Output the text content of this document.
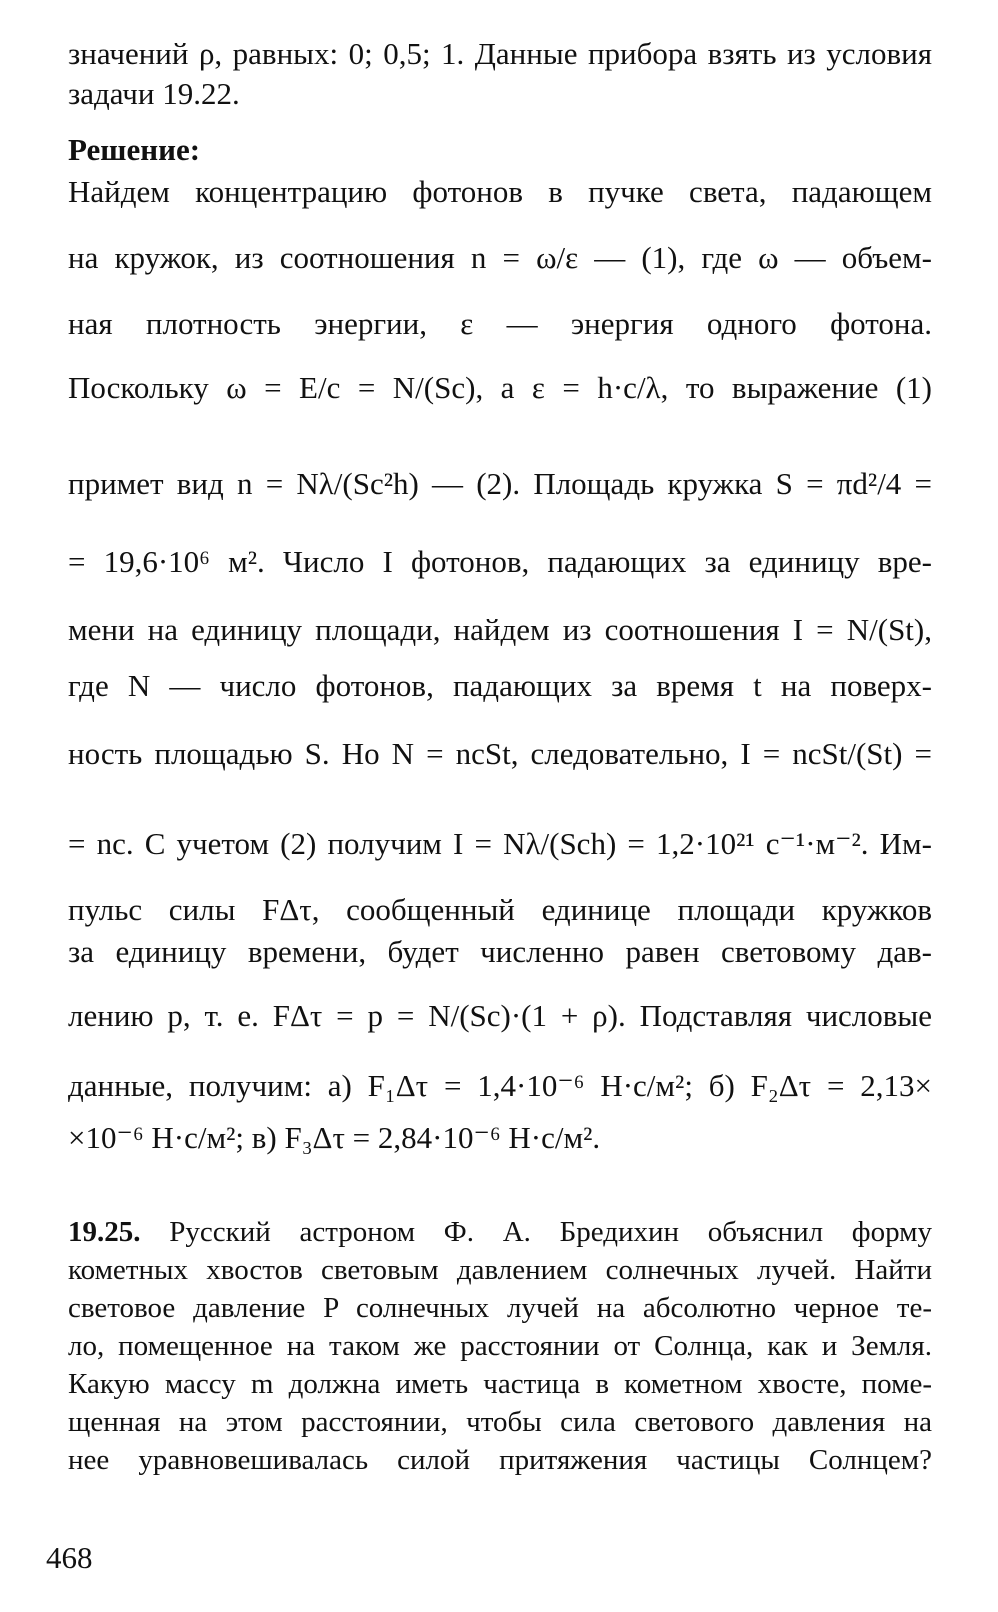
значений ρ, равных: 0; 0,5; 1. Данные прибора взять из условия
задачи 19.22.
Решение:
Найдем концентрацию фотонов в пучке света, падающем
на кружок, из соотношения n = ω/ε — (1), где ω — объем-
ная плотность энергии, ε — энергия одного фотона.
Поскольку ω = E/c = N/(Sc), а ε = h·c/λ, то выражение (1)
примет вид n = Nλ/(Sc²h) — (2). Площадь кружка S = πd²/4 =
= 19,6·10⁶ м². Число I фотонов, падающих за единицу вре-
мени на единицу площади, найдем из соотношения I = N/(St),
где N — число фотонов, падающих за время t на поверх-
ность площадью S. Но N = ncSt, следовательно, I = ncSt/(St) =
= nc. С учетом (2) получим I = Nλ/(Sch) = 1,2·10²¹ с⁻¹·м⁻². Им-
пульс силы FΔτ, сообщенный единице площади кружков
за единицу времени, будет численно равен световому дав-
лению p, т. е. FΔτ = p = N/(Sc)·(1 + ρ). Подставляя числовые
данные, получим: а) F₁Δτ = 1,4·10⁻⁶ Н·с/м²; б) F₂Δτ = 2,13×
×10⁻⁶ Н·с/м²; в) F₃Δτ = 2,84·10⁻⁶ Н·с/м².
19.25. Русский астроном Ф. А. Бредихин объяснил форму
кометных хвостов световым давлением солнечных лучей. Найти
световое давление P солнечных лучей на абсолютно черное те-
ло, помещенное на таком же расстоянии от Солнца, как и Земля.
Какую массу m должна иметь частица в кометном хвосте, поме-
щенная на этом расстоянии, чтобы сила светового давления на
нее уравновешивалась силой притяжения частицы Солнцем?
468
